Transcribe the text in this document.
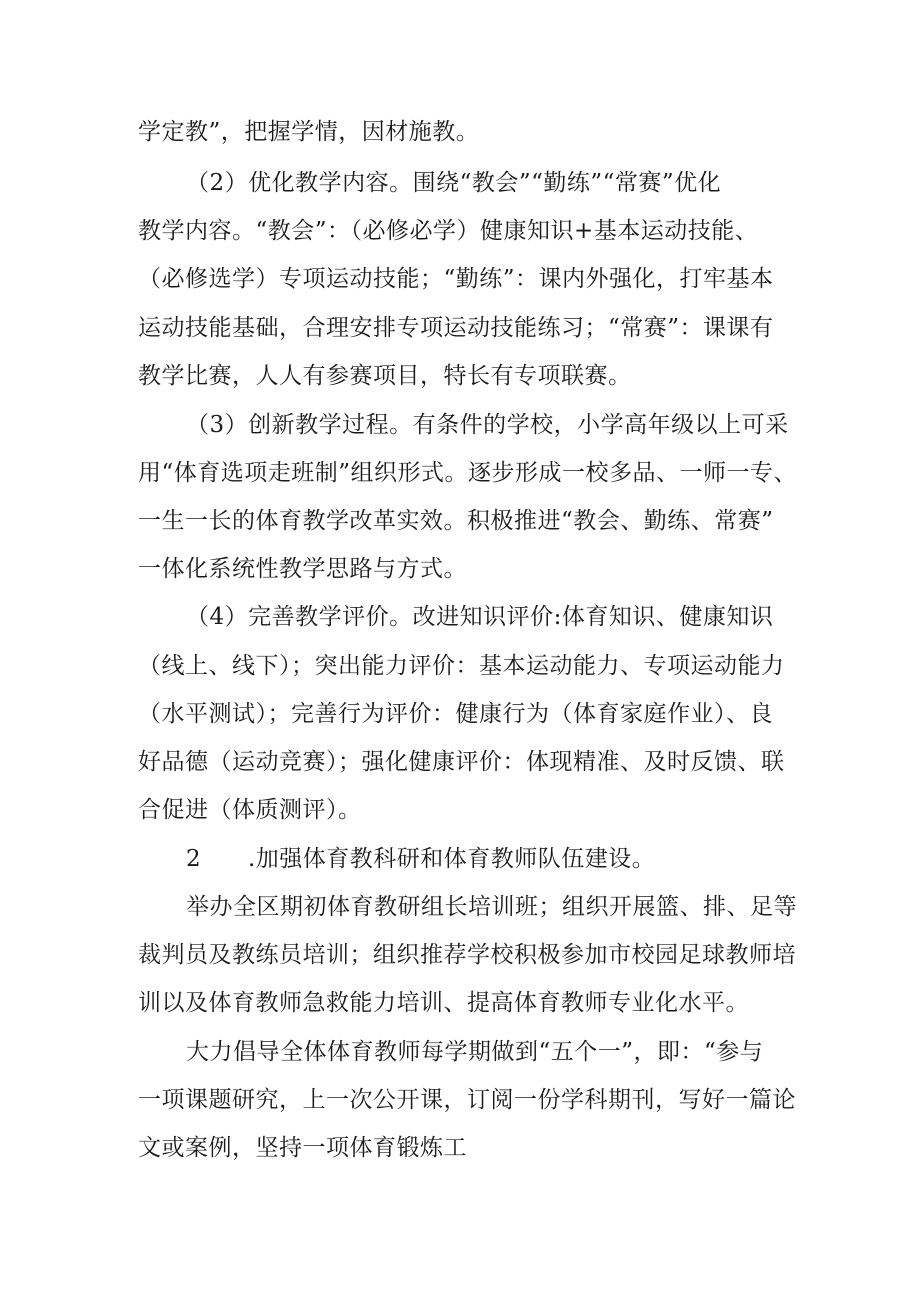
学定教”，把握学情，因材施教。
（2）优化教学内容。围绕“教会”“勤练”“常赛”优化
教学内容。“教会”：（必修必学）健康知识+基本运动技能、
（必修选学）专项运动技能；“勤练”：课内外强化，打牢基本
运动技能基础，合理安排专项运动技能练习；“常赛”：课课有
教学比赛，人人有参赛项目，特长有专项联赛。
（3）创新教学过程。有条件的学校，小学高年级以上可采
用“体育选项走班制”组织形式。逐步形成一校多品、一师一专、
一生一长的体育教学改革实效。积极推进“教会、勤练、常赛”
一体化系统性教学思路与方式。
（4）完善教学评价。改进知识评价:体育知识、健康知识
（线上、线下）；突出能力评价：基本运动能力、专项运动能力
（水平测试）；完善行为评价：健康行为（体育家庭作业）、良
好品德（运动竞赛）；强化健康评价：体现精准、及时反馈、联
合促进（体质测评）。
2 .加强体育教科研和体育教师队伍建设。
举办全区期初体育教研组长培训班；组织开展篮、排、足等
裁判员及教练员培训；组织推荐学校积极参加市校园足球教师培
训以及体育教师急救能力培训、提高体育教师专业化水平。
大力倡导全体体育教师每学期做到“五个一”，即：“参与
一项课题研究，上一次公开课，订阅一份学科期刊，写好一篇论
文或案例，坚持一项体育锻炼工
